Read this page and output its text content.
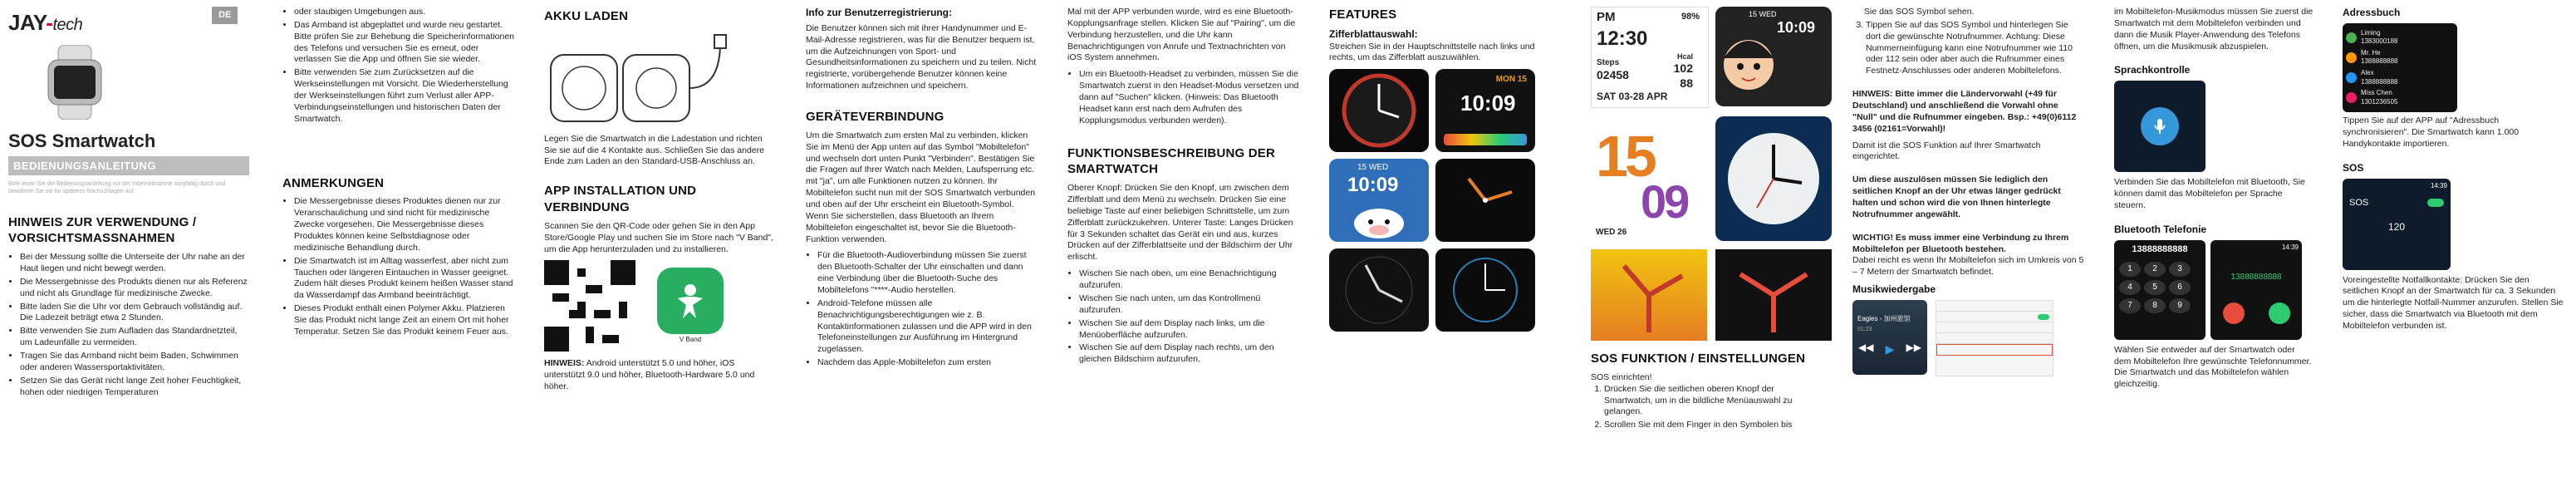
JAY-tech
DE
SOS Smartwatch
BEDIENUNGSANLEITUNG
Bitte lesen Sie die Bedienungsanleitung vor der Inbetriebnahme sorgfältig durch und bewahren Sie sie für späteres Nachschlagen auf.
HINWEIS ZUR VERWENDUNG / VORSICHTSMASSNAHMEN
• Bei der Messung sollte die Unterseite der Uhr nahe an der Haut liegen und nicht bewegt werden.
• Die Messergebnisse des Produkts dienen nur als Referenz und nicht als Grundlage für medizinische Zwecke.
• Bitte laden Sie die Uhr vor dem Gebrauch vollständig auf. Die Ladezeit beträgt etwa 2 Stunden.
• Bitte verwenden Sie zum Aufladen das Standardnetzteil, um Ladeunfälle zu vermeiden.
• Tragen Sie das Armband nicht beim Baden, Schwimmen oder anderen Wassersportaktivitäten.
• Setzen Sie das Gerät nicht lange Zeit hoher Feuchtigkeit, hohen oder niedrigen Temperaturen
• oder staubigen Umgebungen aus.
• Das Armband ist abgeplattet und wurde neu gestartet. Bitte prüfen Sie zur Behebung die Speicherinformationen des Telefons und versuchen Sie es erneut, oder verlassen Sie die App und öffnen Sie sie wieder.
• Bitte verwenden Sie zum Zurücksetzen auf die Werkseinstellungen mit Vorsicht. Die Wiederherstellung der Werkseinstellungen führt zum Verlust aller APP-Verbindungseinstellungen und historischen Daten der Smartwatch.
ANMERKUNGEN
• Die Messergebnisse dieses Produktes dienen nur zur Veranschaulichung und sind nicht für medizinische Zwecke vorgesehen. Die Messergebnisse dieses Produktes können keine Selbstdiagnose oder medizinische Behandlung durch.
• Die Smartwatch ist im Alltag wasserfest, aber nicht zum Tauchen oder längeren Eintauchen in Wasser geeignet. Zudem hält dieses Produkt keinem heißen Wasser stand da Wasserdampf das Armband beeinträchtigt.
• Dieses Produkt enthält einen Polymer Akku. Platzieren Sie das Produkt nicht lange Zeit an einem Ort mit hoher Temperatur. Setzen Sie das Produkt keinem Feuer aus.
AKKU LADEN

Legen Sie die Smartwatch in die Ladestation und richten Sie sie auf die 4 Kontakte aus. Schließen Sie das andere Ende zum Laden an den Standard-USB-Anschluss an.

APP INSTALLATION UND VERBINDUNG

Scannen Sie den QR-Code oder gehen Sie in den App Store/Google Play und suchen Sie im Store nach "V Band", um die App herunterzuladen und zu installieren.

V Band

HINWEIS: Android unterstützt 5.0 und höher, iOS unterstützt 9.0 und höher, Bluetooth-Hardware 5.0 und höher.

Info zur Benutzerregistrierung:

Die Benutzer können sich mit ihrer Handynummer und E-Mail-Adresse registrieren, was für die Benutzer bequem ist, um die Aufzeichnungen von Sport- und Gesundheitsinformationen zu speichern und zu teilen. Nicht registrierte, vorübergehende Benutzer können keine Informationen aufzeichnen und speichern.

GERÄTEVERBINDUNG

Um die Smartwatch zum ersten Mal zu verbinden, klicken Sie im Menü der App unten auf das Symbol "Mobiltelefon" und wechseln dort unten Punkt "Verbinden". Bestätigen Sie die Fragen auf Ihrer Watch nach Melden, Laufsperrung etc. mit "ja", um alle Funktionen nutzen zu können. Ihr Mobiltelefon sucht nun mit der SOS Smartwatch verbunden und oben auf der Uhr erscheint ein Bluetooth-Symbol. Wenn Sie sicherstellen, dass Bluetooth an Ihrem Mobiltelefon eingeschaltet ist, bevor Sie die Bluetooth-Funktion verwenden.

• Für die Bluetooth-Audioverbindung müssen Sie zuerst den Bluetooth-Schalter der Uhr einschalten und dann eine Verbindung über die Bluetooth-Suche des Mobiltelefons "****-Audio herstellen.
• Android-Telefone müssen alle Benachrichtigungsberechtigungen wie z. B. Kontaktinformationen zulassen und die APP wird in den Telefoneinstellungen zur Ausführung im Hintergrund zugelassen.
• Nachdem das Apple-Mobiltelefon zum ersten

Mal mit der APP verbunden wurde, wird es eine Bluetooth-Kopplungsanfrage stellen. Klicken Sie auf "Pairing", um die Verbindung herzustellen, und die Uhr kann Benachrichtigungen von Anrufe und Textnachrichten von iOS System annehmen.

• Um ein Bluetooth-Headset zu verbinden, müssen Sie die Smartwatch zuerst in den Headset-Modus versetzen und dann auf "Suchen" klicken. (Hinweis: Das Bluetooth Headset kann erst nach dem Aufrufen des Kopplungsmodus verbunden werden).
FUNKTIONSBESCHREIBUNG DER SMARTWATCH

Oberer Knopf: Drücken Sie den Knopf, um zwischen dem Zifferblatt und dem Menü zu wechseln. Drücken Sie eine beliebige Taste auf einer beliebigen Schnittstelle, um zum Zifferblatt zurückzukehren. Unterer Taste: Langes Drücken für 3 Sekunden schaltet das Gerät ein und aus, kurzes Drücken auf der Zifferblattseite und der Bildschirm der Uhr erlischt.

• Wischen Sie nach oben, um eine Benachrichtigung aufzurufen.
• Wischen Sie nach unten, um das Kontrollmenü aufzurufen.
• Wischen Sie auf dem Display nach links, um die Menüoberfläche aufzurufen.
• Wischen Sie auf dem Display nach rechts, um den gleichen Bildschirm aufzurufen.
FEATURES
Zifferblattauswahl:

Streichen Sie in der Hauptschnittstelle nach links und rechts, um das Zifferblatt auszuwählen.

MON 15
10:09
15 WED
10:09
PM	98%
12:30
Hcal
102
Steps
02458
88
SAT 03-28 APR
15 WED
10:09
15
09
WED 26
SOS FUNKTION / EINSTELLUNGEN

SOS einrichten!

1. Drücken Sie die seitlichen oberen Knopf der Smartwatch, um in die bildliche Menüauswahl zu gelangen.
2. Scrollen Sie mit dem Finger in den Symbolen bis
Sie das SOS Symbol sehen.
3. Tippen Sie auf das SOS Symbol und hinterlegen Sie dort die gewünschte Notrufnummer. Achtung: Diese Nummerneinfügung kann eine Notrufnummer wie 110 oder 112 sein oder aber auch die Rufnummer eines Festnetz-Anschlusses oder anderen Mobiltelefons.

HINWEIS: Bitte immer die Ländervorwahl (+49 für Deutschland) und anschließend die Vorwahl ohne "Null" und die Rufnummer eingeben. Bsp.: +49(0)6112 3456 (02161=Vorwahl)!

Damit ist die SOS Funktion auf Ihrer Smartwatch eingerichtet.

Um diese auszulösen müssen Sie lediglich den seitlichen Knopf an der Uhr etwas länger gedrückt halten und schon wird die von Ihnen hinterlegte Notrufnummer angewählt.

WICHTIG! Es muss immer eine Verbindung zu Ihrem Mobiltelefon per Bluetooth bestehen.

Dabei reicht es wenn Ihr Mobiltelefon sich im Umkreis von 5 – 7 Metern der Smartwatch befindet.

Musikwiedergabe
Eagles - 加州旅馆
01:23
◀◀ ▶ ▶▶

im Mobiltelefon-Musikmodus müssen Sie zuerst die Smartwatch mit dem Mobiltelefon verbinden und dann die Musik Player-Anwendung des Telefons öffnen, um die Musikmusik abzuspielen.

Sprachkontrolle

Verbinden Sie das Mobiltelefon mit Bluetooth, Sie können damit das Mobiltelefon per Sprache steuern.

Bluetooth Telefonie
13888888888
1 2 3 4 5 6 7 8 9
14:39
13888888888

Wählen Sie entweder auf der Smartwatch oder dem Mobiltelefon Ihre gewünschte Telefonnummer. Die Smartwatch und das Mobiltelefon wählen gleichzeitig.

Adressbuch
Liming
1383000188
Mr. He
1388888888
Alex
1388888888
Miss Chen
1301236505

Tippen Sie auf der APP auf "Adressbuch synchronisieren". Die Smartwatch kann 1.000 Handykontakte importieren.

SOS
14:39
SOS
120

Voreingestellte Notfallkontakte: Drücken Sie den seitlichen Knopf an der Smartwatch für ca. 3 Sekunden um die hinterlegte Notfall-Nummer anzurufen. Stellen Sie sicher, dass die Smartwatch via Bluetooth mit dem Mobiltelefon verbunden ist.
